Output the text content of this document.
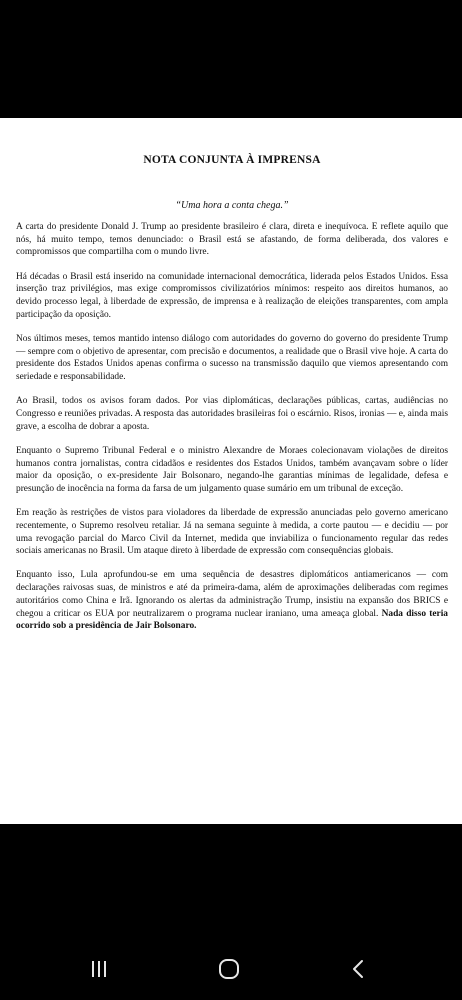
NOTA CONJUNTA À IMPRENSA
“Uma hora a conta chega.”

A carta do presidente Donald J. Trump ao presidente brasileiro é clara, direta e inequívoca. E reflete aquilo que nós, há muito tempo, temos denunciado: o Brasil está se afastando, de forma deliberada, dos valores e compromissos que compartilha com o mundo livre.

Há décadas o Brasil está inserido na comunidade internacional democrática, liderada pelos Estados Unidos. Essa inserção traz privilégios, mas exige compromissos civilizatórios mínimos: respeito aos direitos humanos, ao devido processo legal, à liberdade de expressão, de imprensa e à realização de eleições transparentes, com ampla participação da oposição.

Nos últimos meses, temos mantido intenso diálogo com autoridades do governo do governo do presidente Trump — sempre com o objetivo de apresentar, com precisão e documentos, a realidade que o Brasil vive hoje. A carta do presidente dos Estados Unidos apenas confirma o sucesso na transmissão daquilo que viemos apresentando com seriedade e responsabilidade.

Ao Brasil, todos os avisos foram dados. Por vias diplomáticas, declarações públicas, cartas, audiências no Congresso e reuniões privadas. A resposta das autoridades brasileiras foi o escárnio. Risos, ironias — e, ainda mais grave, a escolha de dobrar a aposta.

Enquanto o Supremo Tribunal Federal e o ministro Alexandre de Moraes colecionavam violações de direitos humanos contra jornalistas, contra cidadãos e residentes dos Estados Unidos, também avançavam sobre o líder maior da oposição, o ex-presidente Jair Bolsonaro, negando-lhe garantias mínimas de legalidade, defesa e presunção de inocência na forma da farsa de um julgamento quase sumário em um tribunal de exceção.

Em reação às restrições de vistos para violadores da liberdade de expressão anunciadas pelo governo americano recentemente, o Supremo resolveu retaliar. Já na semana seguinte à medida, a corte pautou — e decidiu — por uma revogação parcial do Marco Civil da Internet, medida que inviabiliza o funcionamento regular das redes sociais americanas no Brasil. Um ataque direto à liberdade de expressão com consequências globais.

Enquanto isso, Lula aprofundou-se em uma sequência de desastres diplomáticos antiamericanos — com declarações raivosas suas, de ministros e até da primeira-dama, além de aproximações deliberadas com regimes autoritários como China e Irã. Ignorando os alertas da administração Trump, insistiu na expansão dos BRICS e chegou a criticar os EUA por neutralizarem o programa nuclear iraniano, uma ameaça global. Nada disso teria ocorrido sob a presidência de Jair Bolsonaro.
